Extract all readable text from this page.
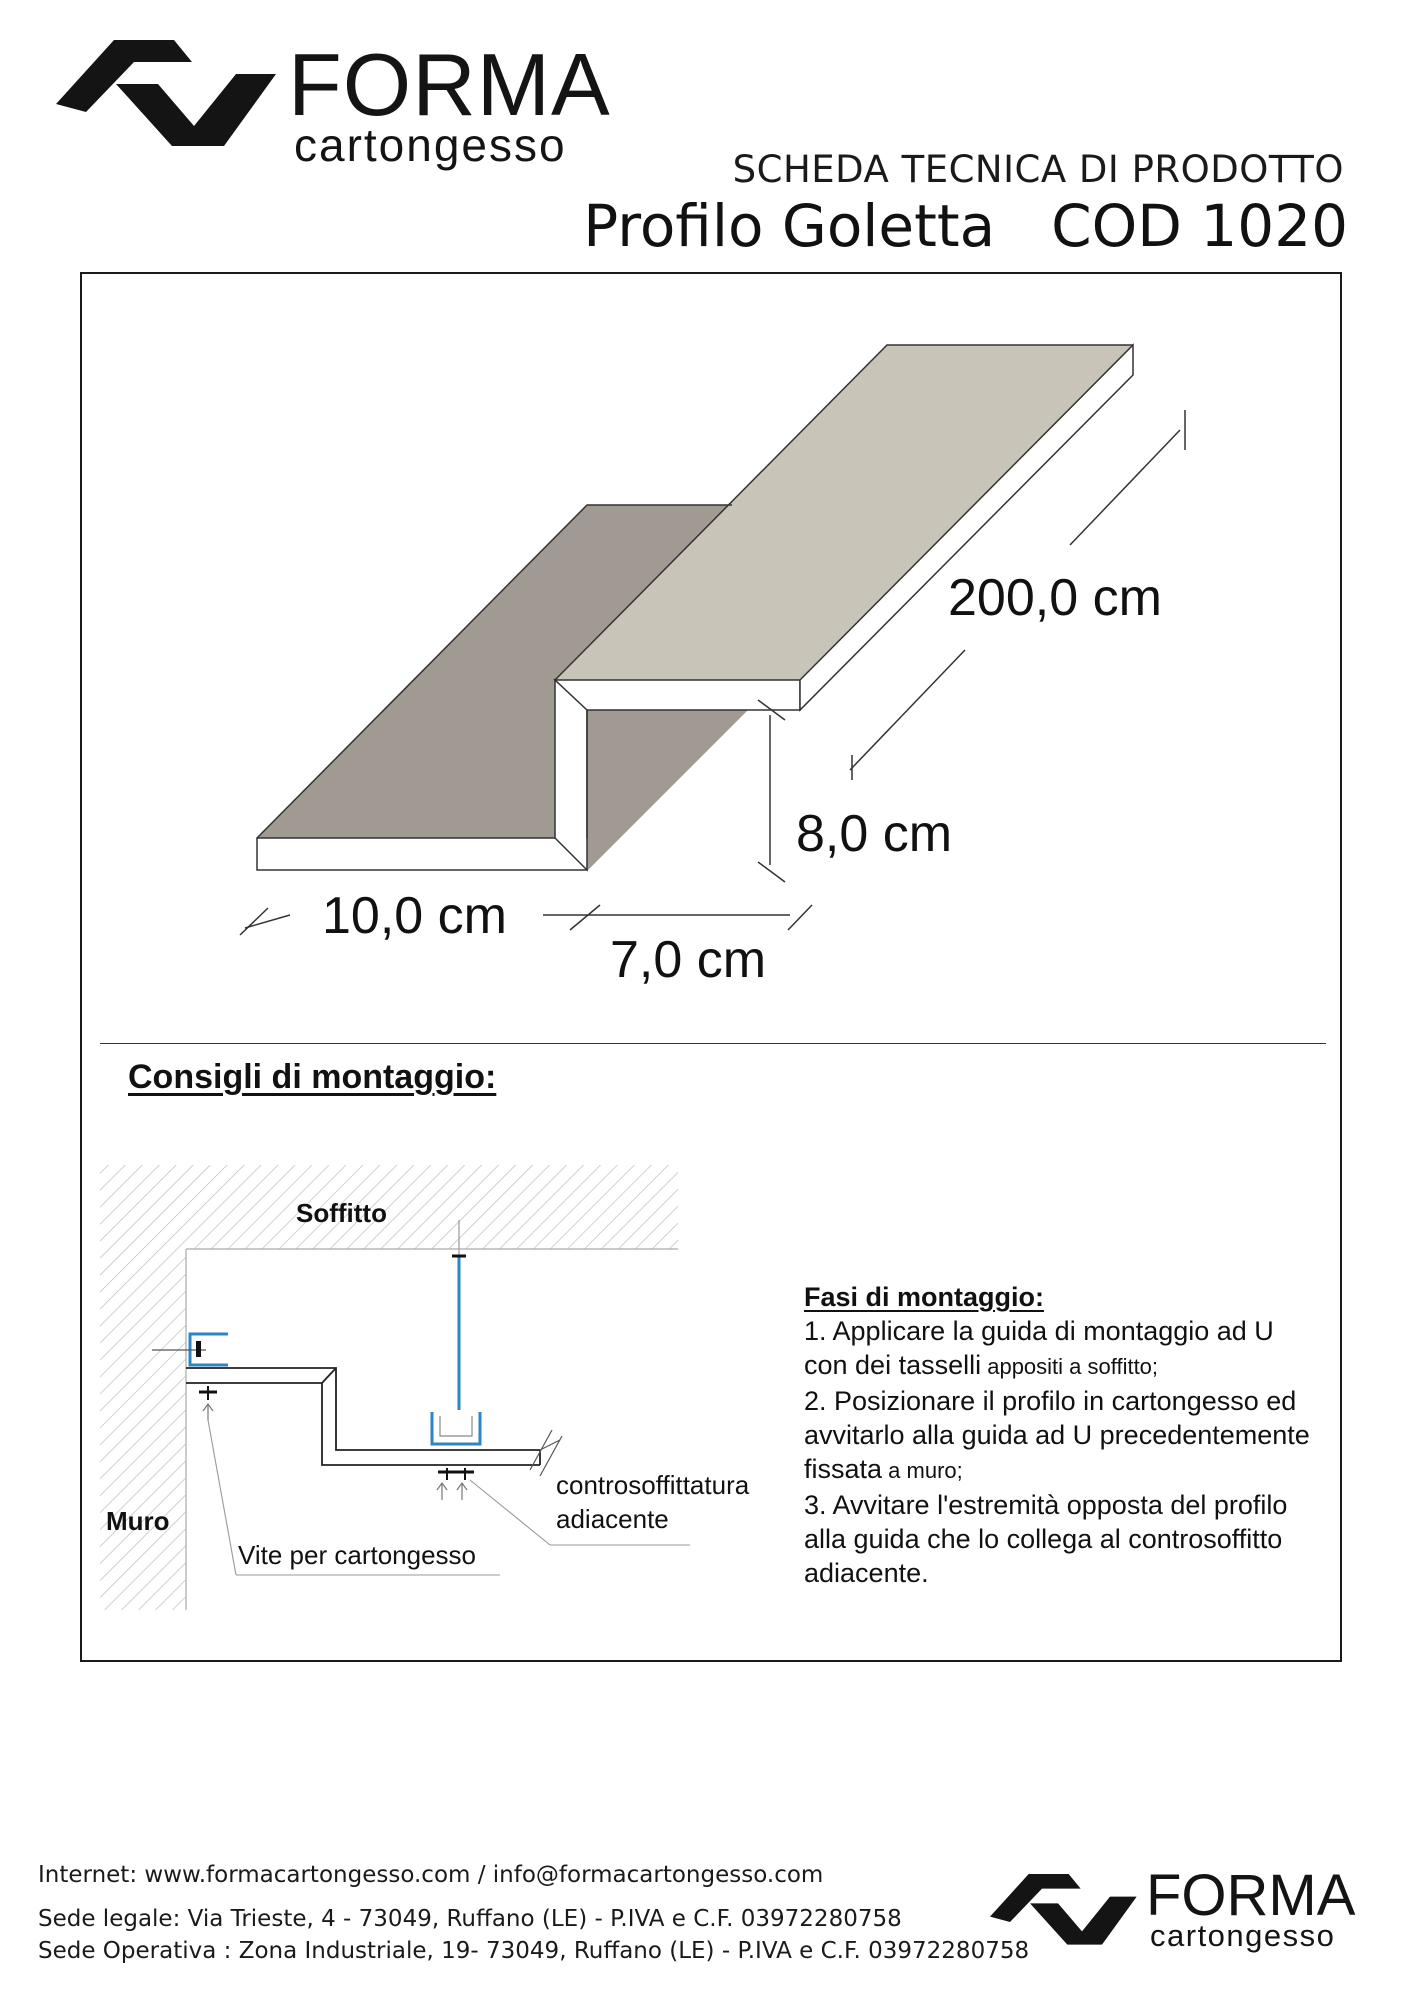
FORMA
cartongesso	SCHEDA TECNICA DI PRODOTTO
Profilo Goletta COD 1020
200,0 cm
8,0 cm
10,0 cm
7,0 cm
Consigli di montaggio:
Soffitto
Muro
Vite per cartongesso
controsoffittatura
adiacente
Fasi di montaggio:
1. Applicare la guida di montaggio ad U
con dei tasselli appositi a soffitto;
2. Posizionare il profilo in cartongesso ed
avvitarlo alla guida ad U precedentemente
fissata a muro;
3. Avvitare l'estremità opposta del profilo
alla guida che lo collega al controsoffitto
adiacente.
Internet: www.formacartongesso.com / info@formacartongesso.com
Sede legale: Via Trieste, 4 - 73049, Ruffano (LE) - P.IVA e C.F. 03972280758
Sede Operativa : Zona Industriale, 19- 73049, Ruffano (LE) - P.IVA e C.F. 03972280758
FORMA
cartongesso
